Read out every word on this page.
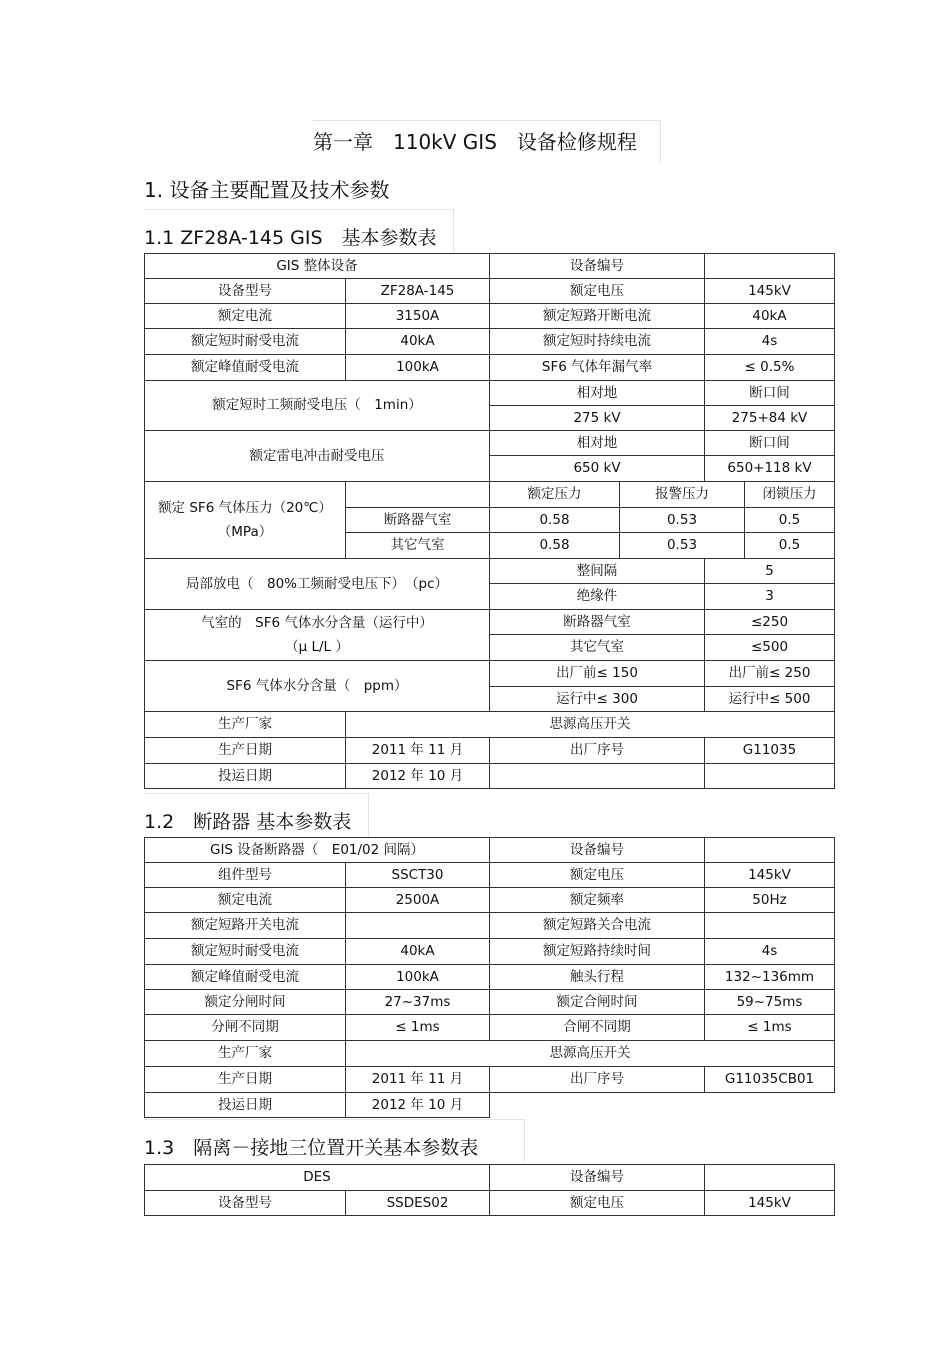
第一章　110kV GIS　设备检修规程
1. 设备主要配置及技术参数
1.1 ZF28A-145 GIS　基本参数表
GIS 整体设备		设备编号			
设备型号	ZF28A-145	额定电压		145kV	
额定电流	3150A	额定短路开断电流		40kA	
额定短时耐受电流	40kA	额定短时持续电流		4s	
额定峰值耐受电流	100kA	SF6 气体年漏气率		≤ 0.5%	
额定短时工频耐受电压（　1min）		相对地		断口间	
		275 kV		275+84 kV	
额定雷电冲击耐受电压		相对地		断口间	
		650 kV		650+118 kV	
额定 SF6 气体压力（20℃）（MPa）		额定压力	报警压力		闭锁压力
	断路器气室	0.58	0.53		0.5
	其它气室	0.58	0.53		0.5
局部放电（　80%工频耐受电压下）　（pc）		整间隔		5	
		绝缘件		3	
气室的　SF6 气体水分含量（运行中）
（μ L/L ）		断路器气室		≤250	
		其它气室		≤500	
SF6 气体水分含量（　ppm）		出厂前≤ 150		出厂前≤ 250	
		运行中≤ 300		运行中≤ 500	
生产厂家	思源高压开关				
生产日期	2011 年 11 月	出厂序号		G11035	
投运日期	2012 年 10 月				
1.2　断路器 基本参数表
GIS 设备断路器（　E01/02 间隔）		设备编号	
组件型号	SSCT30	额定电压	145kV
额定电流	2500A	额定频率	50Hz
额定短路开关电流		额定短路关合电流	
额定短时耐受电流	40kA	额定短路持续时间	4s
额定峰值耐受电流	100kA	触头行程	132~136mm
额定分闸时间	27~37ms	额定合闸时间	59~75ms
分闸不同期	≤ 1ms	合闸不同期	≤ 1ms
生产厂家	思源高压开关		
生产日期	2011 年 11 月	出厂序号	G11035CB01
投运日期	2012 年 10 月		
1.3　隔离－接地三位置开关基本参数表
DES		设备编号	
设备型号	SSDES02	额定电压	145kV
